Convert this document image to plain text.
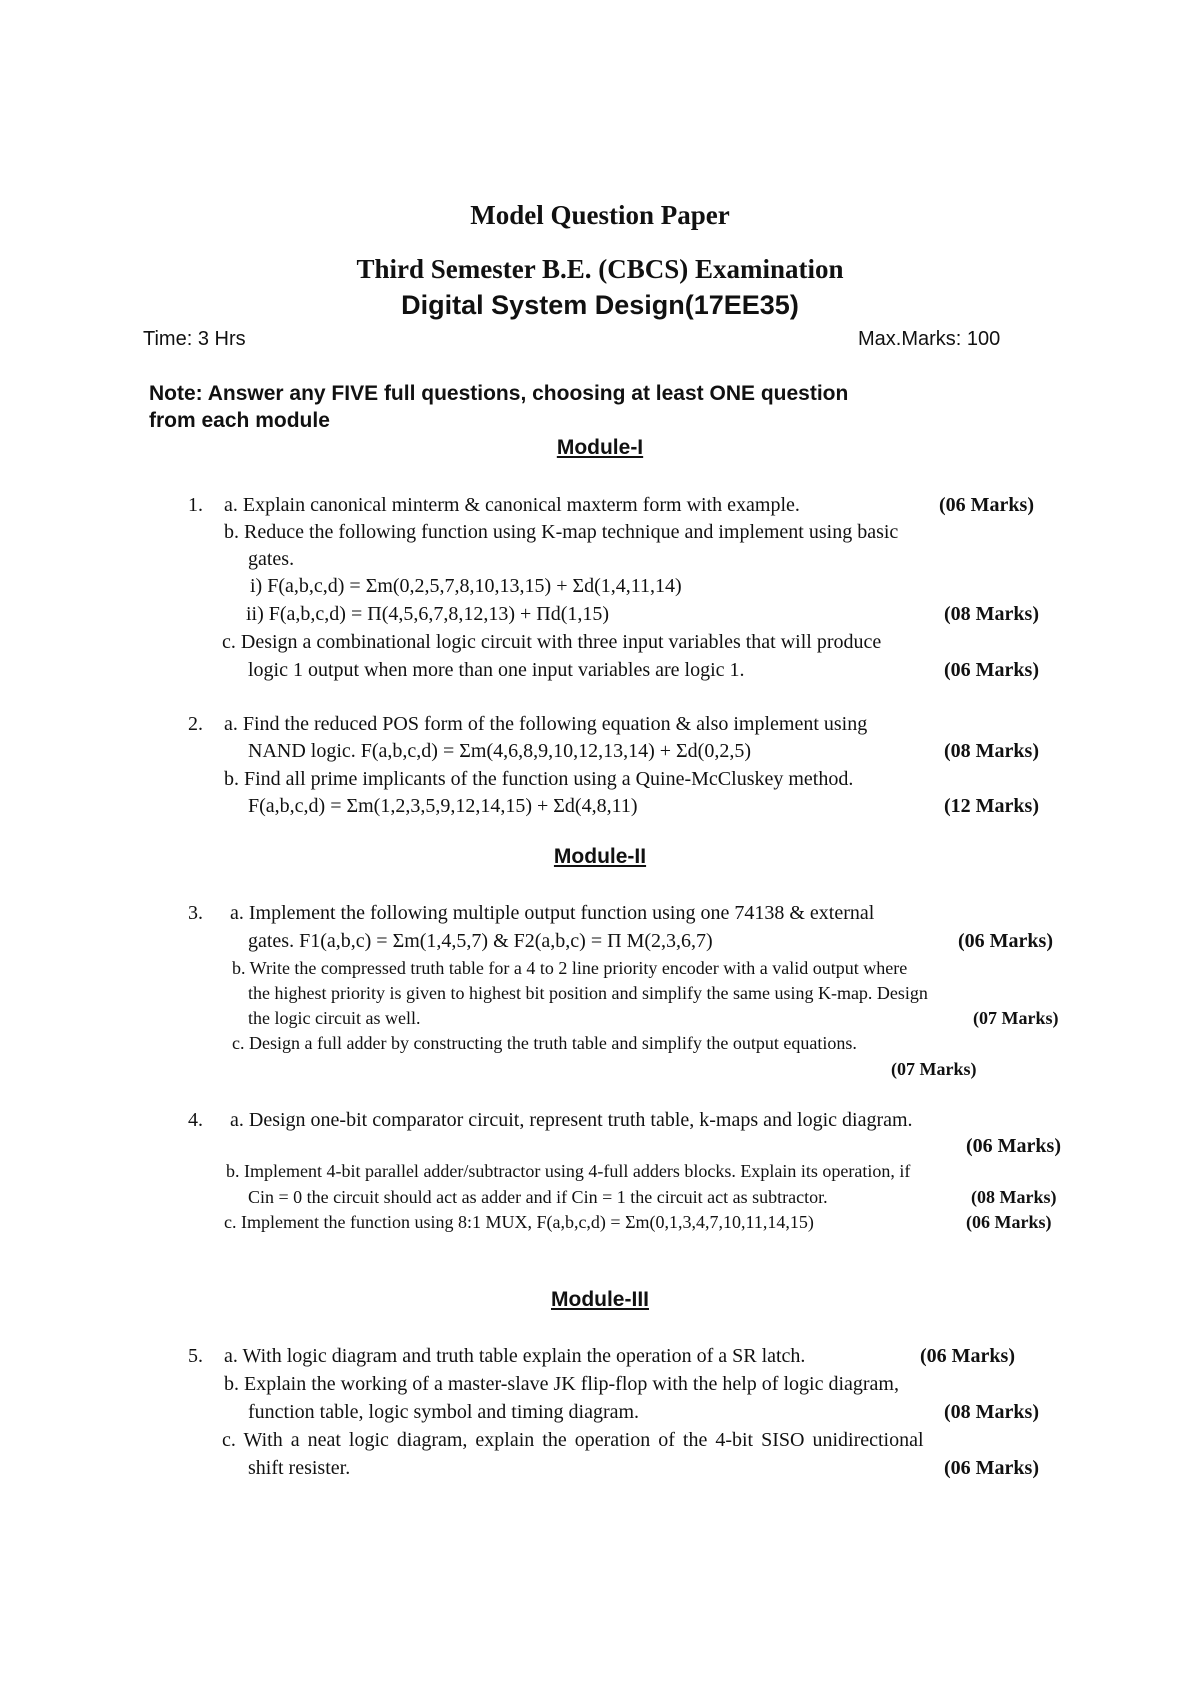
Model Question Paper
Third Semester B.E. (CBCS) Examination
Digital System Design(17EE35)
Time: 3 Hrs	Max.Marks: 100
Note: Answer any FIVE full questions, choosing at least ONE question
from each module
Module-I
1. a. Explain canonical minterm & canonical maxterm form with example.	(06 Marks)
b. Reduce the following function using K-map technique and implement using basic
gates.
i) F(a,b,c,d) = Σm(0,2,5,7,8,10,13,15) + Σd(1,4,11,14)
ii) F(a,b,c,d) = Π(4,5,6,7,8,12,13) + Πd(1,15)	(08 Marks)
c. Design a combinational logic circuit with three input variables that will produce
logic 1 output when more than one input variables are logic 1.	(06 Marks)
2. a. Find the reduced POS form of the following equation & also implement using
NAND logic. F(a,b,c,d) = Σm(4,6,8,9,10,12,13,14) + Σd(0,2,5)	(08 Marks)
b. Find all prime implicants of the function using a Quine-McCluskey method.
F(a,b,c,d) = Σm(1,2,3,5,9,12,14,15) + Σd(4,8,11)	(12 Marks)
Module-II
3. a. Implement the following multiple output function using one 74138 & external
gates. F1(a,b,c) = Σm(1,4,5,7) & F2(a,b,c) = Π M(2,3,6,7)	(06 Marks)
b. Write the compressed truth table for a 4 to 2 line priority encoder with a valid output where
the highest priority is given to highest bit position and simplify the same using K-map. Design
the logic circuit as well.	(07 Marks)
c. Design a full adder by constructing the truth table and simplify the output equations.
(07 Marks)
4. a. Design one-bit comparator circuit, represent truth table, k-maps and logic diagram.
(06 Marks)
b. Implement 4-bit parallel adder/subtractor using 4-full adders blocks. Explain its operation, if
Cin = 0 the circuit should act as adder and if Cin = 1 the circuit act as subtractor.	(08 Marks)
c. Implement the function using 8:1 MUX, F(a,b,c,d) = Σm(0,1,3,4,7,10,11,14,15)	(06 Marks)
Module-III
5. a. With logic diagram and truth table explain the operation of a SR latch.	(06 Marks)
b. Explain the working of a master-slave JK flip-flop with the help of logic diagram,
function table, logic symbol and timing diagram.	(08 Marks)
c. With a neat logic diagram, explain the operation of the 4-bit SISO unidirectional
shift resister.	(06 Marks)
